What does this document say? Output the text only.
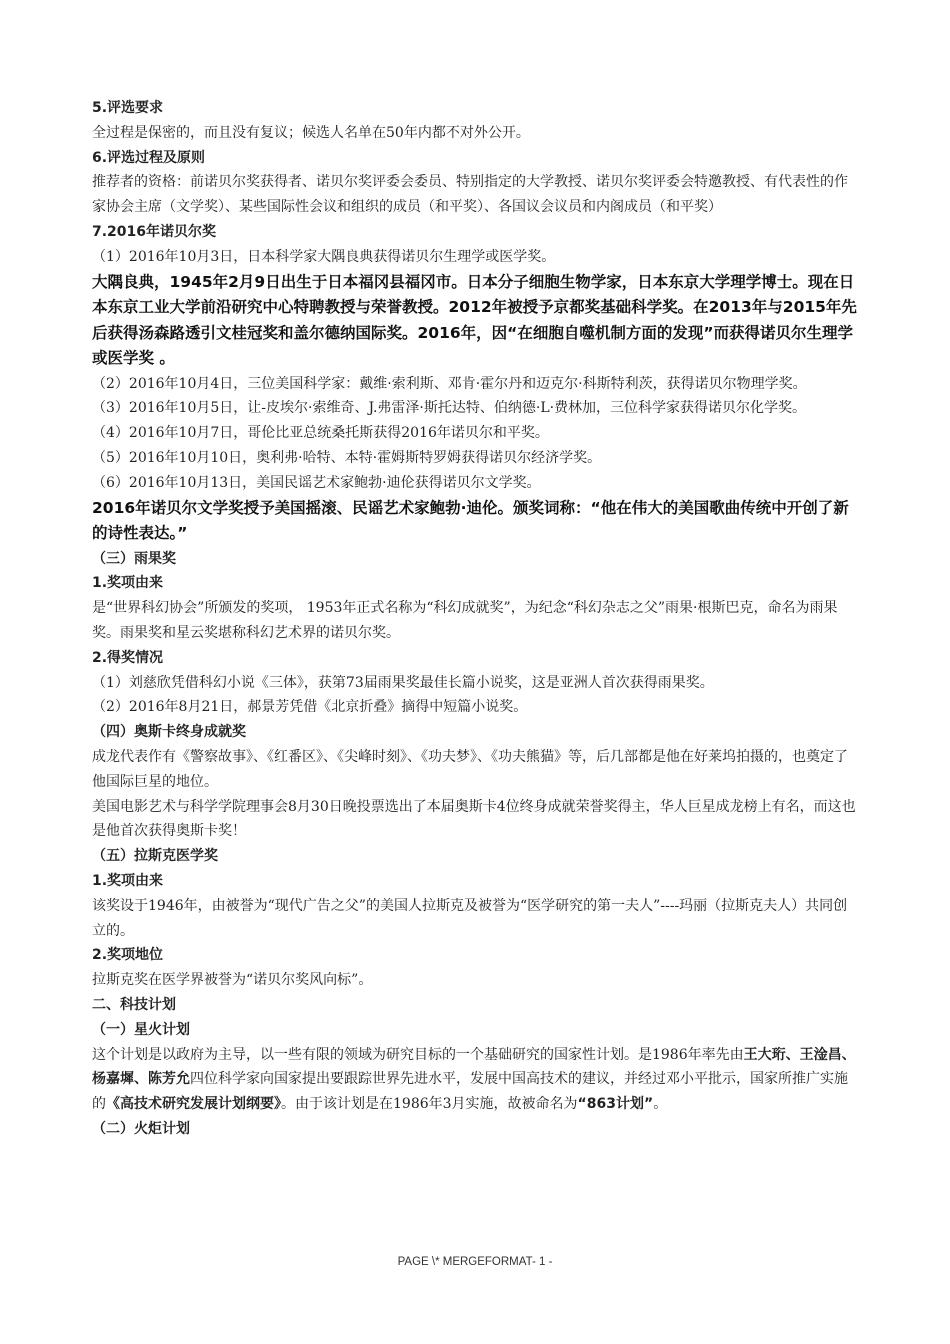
5.评选要求

全过程是保密的，而且没有复议；候选人名单在50年内都不对外公开。

6.评选过程及原则

推荐者的资格：前诺贝尔奖获得者、诺贝尔奖评委会委员、特别指定的大学教授、诺贝尔奖评委会特邀教授、有代表性的作家协会主席（文学奖）、某些国际性会议和组织的成员（和平奖）、各国议会议员和内阁成员（和平奖）

7.2016年诺贝尔奖

（1）2016年10月3日，日本科学家大隅良典获得诺贝尔生理学或医学奖。

大隅良典，1945年2月9日出生于日本福冈县福冈市。日本分子细胞生物学家，日本东京大学理学博士。现在日本东京工业大学前沿研究中心特聘教授与荣誉教授。2012年被授予京都奖基础科学奖。在2013年与2015年先后获得汤森路透引文桂冠奖和盖尔德纳国际奖。2016年，因“在细胞自噬机制方面的发现”而获得诺贝尔生理学或医学奖 。

（2）2016年10月4日，三位美国科学家：戴维·索利斯、邓肯·霍尔丹和迈克尔·科斯特利茨，获得诺贝尔物理学奖。

（3）2016年10月5日，让-皮埃尔·索维奇、J.弗雷泽·斯托达特、伯纳德·L·费林加，三位科学家获得诺贝尔化学奖。

（4）2016年10月7日，哥伦比亚总统桑托斯获得2016年诺贝尔和平奖。

（5）2016年10月10日，奥利弗·哈特、本特·霍姆斯特罗姆获得诺贝尔经济学奖。

（6）2016年10月13日，美国民谣艺术家鲍勃·迪伦获得诺贝尔文学奖。

2016年诺贝尔文学奖授予美国摇滚、民谣艺术家鲍勃·迪伦。颁奖词称：“他在伟大的美国歌曲传统中开创了新的诗性表达。”

（三）雨果奖

1.奖项由来

是“世界科幻协会”所颁发的奖项， 1953年正式名称为“科幻成就奖”，为纪念“科幻杂志之父”雨果·根斯巴克，命名为雨果奖。雨果奖和星云奖堪称科幻艺术界的诺贝尔奖。

2.得奖情况

（1）刘慈欣凭借科幻小说《三体》，获第73届雨果奖最佳长篇小说奖，这是亚洲人首次获得雨果奖。

（2）2016年8月21日，郝景芳凭借《北京折叠》摘得中短篇小说奖。

（四）奥斯卡终身成就奖

成龙代表作有《警察故事》、《红番区》、《尖峰时刻》、《功夫梦》、《功夫熊猫》等，后几部都是他在好莱坞拍摄的，也奠定了他国际巨星的地位。

美国电影艺术与科学学院理事会8月30日晚投票选出了本届奥斯卡4位终身成就荣誉奖得主，华人巨星成龙榜上有名，而这也是他首次获得奥斯卡奖！

（五）拉斯克医学奖

1.奖项由来

该奖设于1946年，由被誉为“现代广告之父”的美国人拉斯克及被誉为“医学研究的第一夫人”----玛丽（拉斯克夫人）共同创立的。

2.奖项地位

拉斯克奖在医学界被誉为“诺贝尔奖风向标”。

二、科技计划

（一）星火计划

这个计划是以政府为主导，以一些有限的领域为研究目标的一个基础研究的国家性计划。是1986年率先由王大珩、王淦昌、杨嘉墀、陈芳允四位科学家向国家提出要跟踪世界先进水平，发展中国高技术的建议，并经过邓小平批示，国家所推广实施的《高技术研究发展计划纲要》。由于该计划是在1986年3月实施，故被命名为“863计划”。

（二）火炬计划

PAGE \* MERGEFORMAT- 1 -
